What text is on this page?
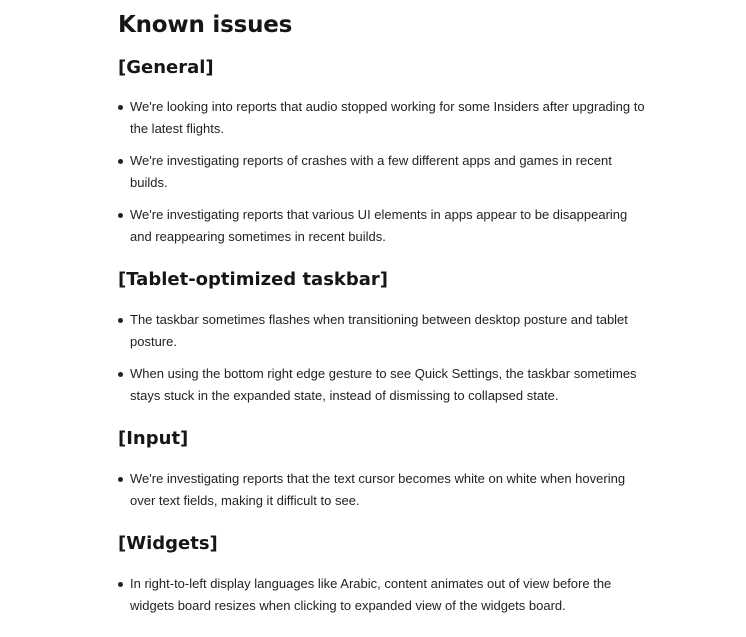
Known issues
[General]
We're looking into reports that audio stopped working for some Insiders after upgrading to the latest flights.
We're investigating reports of crashes with a few different apps and games in recent builds.
We're investigating reports that various UI elements in apps appear to be disappearing and reappearing sometimes in recent builds.
[Tablet-optimized taskbar]
The taskbar sometimes flashes when transitioning between desktop posture and tablet posture.
When using the bottom right edge gesture to see Quick Settings, the taskbar sometimes stays stuck in the expanded state, instead of dismissing to collapsed state.
[Input]
We're investigating reports that the text cursor becomes white on white when hovering over text fields, making it difficult to see.
[Widgets]
In right-to-left display languages like Arabic, content animates out of view before the widgets board resizes when clicking to expanded view of the widgets board.
